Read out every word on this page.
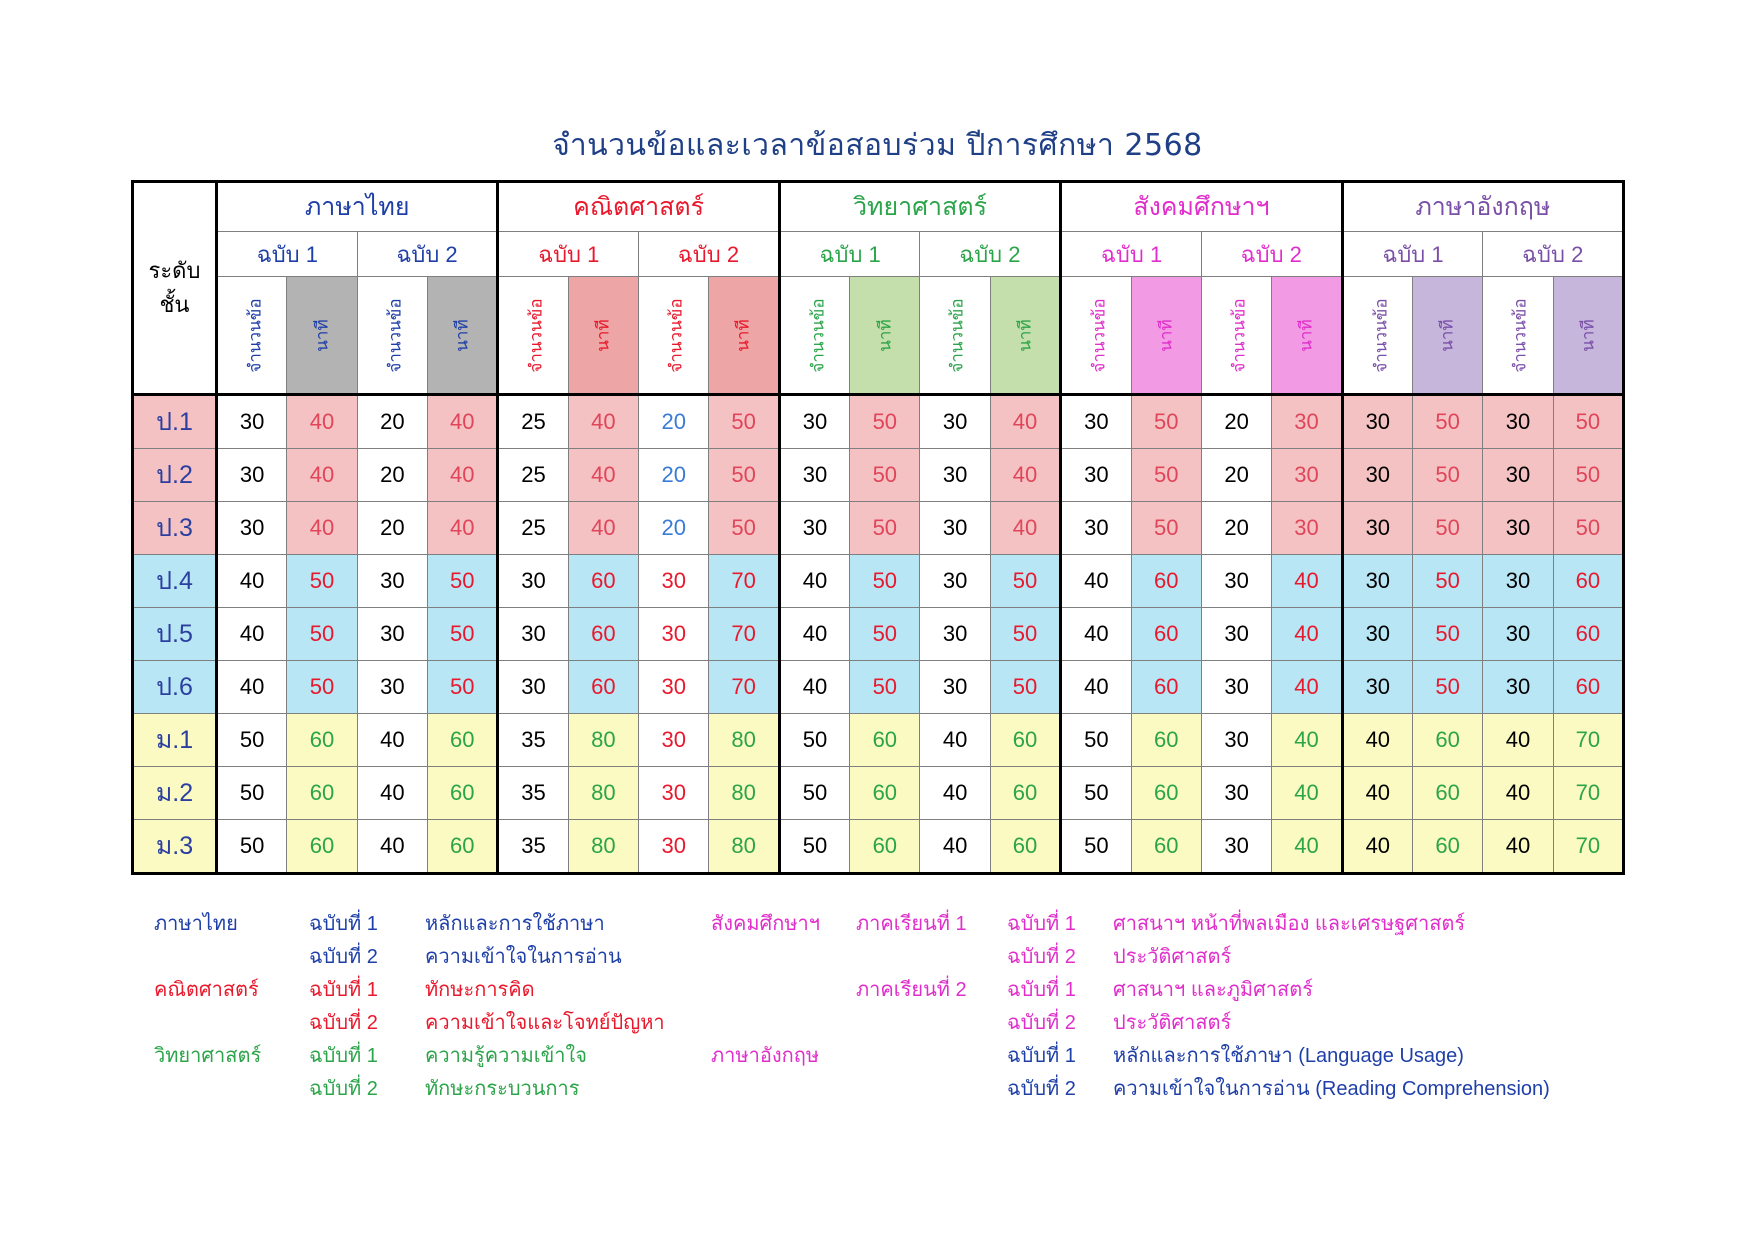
จำนวนข้อและเวลาข้อสอบร่วม ปีการศึกษา 2568
ระดับ
ชั้น	ภาษาไทย				คณิตศาสตร์				วิทยาศาสตร์				สังคมศึกษาฯ				ภาษาอังกฤษ			
	ฉบับ 1		ฉบับ 2		ฉบับ 1		ฉบับ 2		ฉบับ 1		ฉบับ 2		ฉบับ 1		ฉบับ 2		ฉบับ 1		ฉบับ 2	
	จำนวนข้อ	นาที	จำนวนข้อ	นาที	จำนวนข้อ	นาที	จำนวนข้อ	นาที	จำนวนข้อ	นาที	จำนวนข้อ	นาที	จำนวนข้อ	นาที	จำนวนข้อ	นาที	จำนวนข้อ	นาที	จำนวนข้อ	นาที
ป.1	30	40	20	40	25	40	20	50	30	50	30	40	30	50	20	30	30	50	30	50
ป.2	30	40	20	40	25	40	20	50	30	50	30	40	30	50	20	30	30	50	30	50
ป.3	30	40	20	40	25	40	20	50	30	50	30	40	30	50	20	30	30	50	30	50
ป.4	40	50	30	50	30	60	30	70	40	50	30	50	40	60	30	40	30	50	30	60
ป.5	40	50	30	50	30	60	30	70	40	50	30	50	40	60	30	40	30	50	30	60
ป.6	40	50	30	50	30	60	30	70	40	50	30	50	40	60	30	40	30	50	30	60
ม.1	50	60	40	60	35	80	30	80	50	60	40	60	50	60	30	40	40	60	40	70
ม.2	50	60	40	60	35	80	30	80	50	60	40	60	50	60	30	40	40	60	40	70
ม.3	50	60	40	60	35	80	30	80	50	60	40	60	50	60	30	40	40	60	40	70
ภาษาไทย	ฉบับที่ 1 หลักและการใช้ภาษา
ฉบับที่ 2 ความเข้าใจในการอ่าน
คณิตศาสตร์	ฉบับที่ 1 ทักษะการคิด
ฉบับที่ 2 ความเข้าใจและโจทย์ปัญหา
วิทยาศาสตร์ ฉบับที่ 1 ความรู้ความเข้าใจ
ฉบับที่ 2 ทักษะกระบวนการ
สังคมศึกษาฯ ภาคเรียนที่ 1 ฉบับที่ 1 ศาสนาฯ หน้าที่พลเมือง และเศรษฐศาสตร์
ฉบับที่ 2 ประวัติศาสตร์
ภาคเรียนที่ 2 ฉบับที่ 1 ศาสนาฯ และภูมิศาสตร์
ฉบับที่ 2 ประวัติศาสตร์
ภาษาอังกฤษ	ฉบับที่ 1 หลักและการใช้ภาษา (Language Usage)
ฉบับที่ 2 ความเข้าใจในการอ่าน (Reading Comprehension)
